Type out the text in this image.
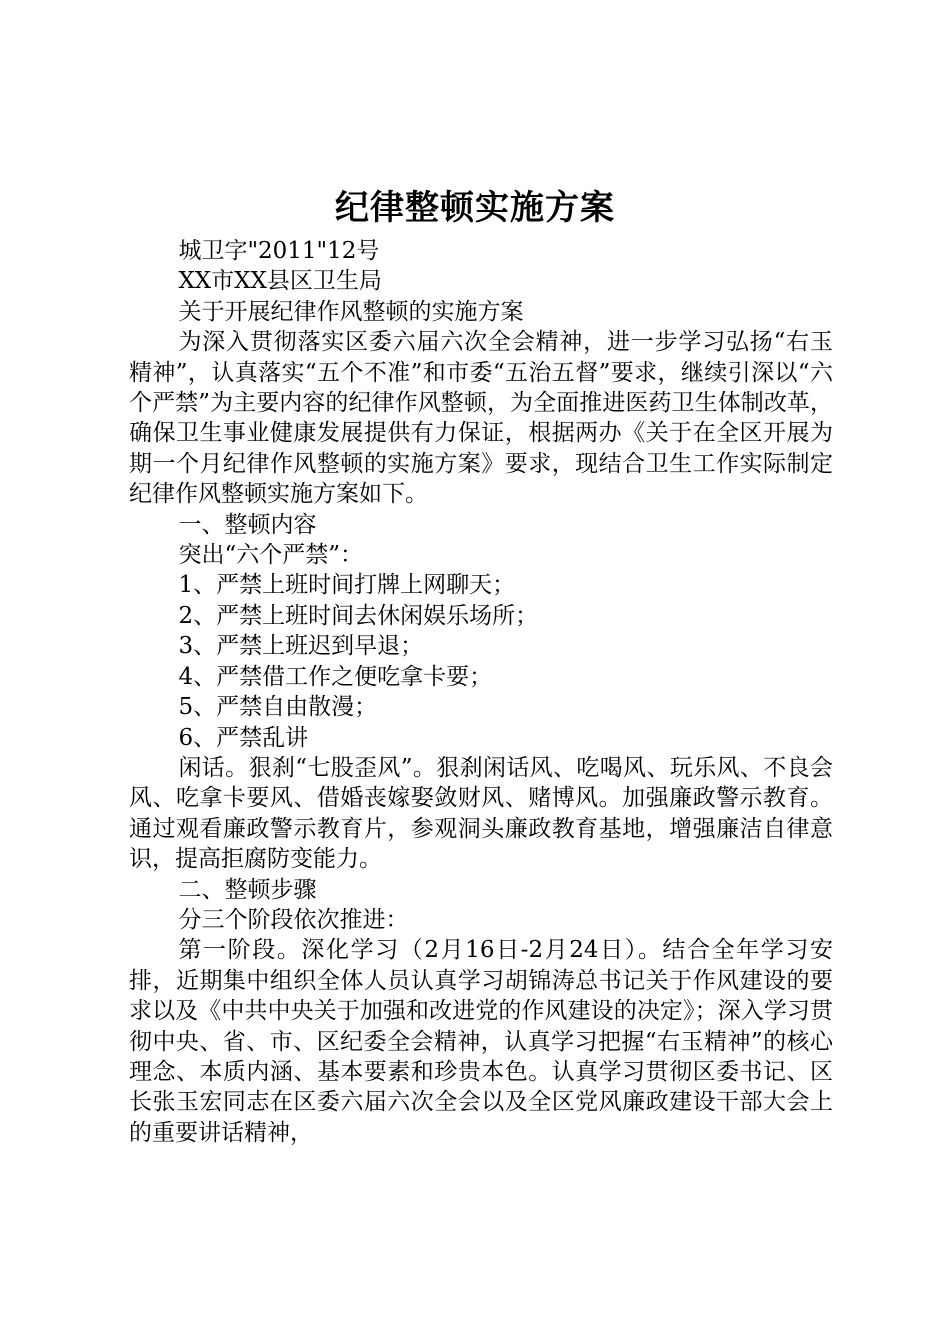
纪律整顿实施方案

城卫字"2011"12号

XX市XX县区卫生局

关于开展纪律作风整顿的实施方案

为深入贯彻落实区委六届六次全会精神，进一步学习弘扬“右玉精神”，认真落实“五个不准”和市委“五治五督”要求，继续引深以“六个严禁”为主要内容的纪律作风整顿，为全面推进医药卫生体制改革，确保卫生事业健康发展提供有力保证，根据两办《关于在全区开展为期一个月纪律作风整顿的实施方案》要求，现结合卫生工作实际制定纪律作风整顿实施方案如下。

一、整顿内容

突出“六个严禁”：

1、严禁上班时间打牌上网聊天；

2、严禁上班时间去休闲娱乐场所；

3、严禁上班迟到早退；

4、严禁借工作之便吃拿卡要；

5、严禁自由散漫；

6、严禁乱讲

闲话。狠刹“七股歪风”。狠刹闲话风、吃喝风、玩乐风、不良会风、吃拿卡要风、借婚丧嫁娶敛财风、赌博风。加强廉政警示教育。通过观看廉政警示教育片，参观洞头廉政教育基地，增强廉洁自律意识，提高拒腐防变能力。

二、整顿步骤

分三个阶段依次推进：

第一阶段。深化学习（2月16日-2月24日）。结合全年学习安排，近期集中组织全体人员认真学习胡锦涛总书记关于作风建设的要求以及《中共中央关于加强和改进党的作风建设的决定》；深入学习贯彻中央、省、市、区纪委全会精神，认真学习把握“右玉精神”的核心理念、本质内涵、基本要素和珍贵本色。认真学习贯彻区委书记、区长张玉宏同志在区委六届六次全会以及全区党风廉政建设干部大会上的重要讲话精神，
